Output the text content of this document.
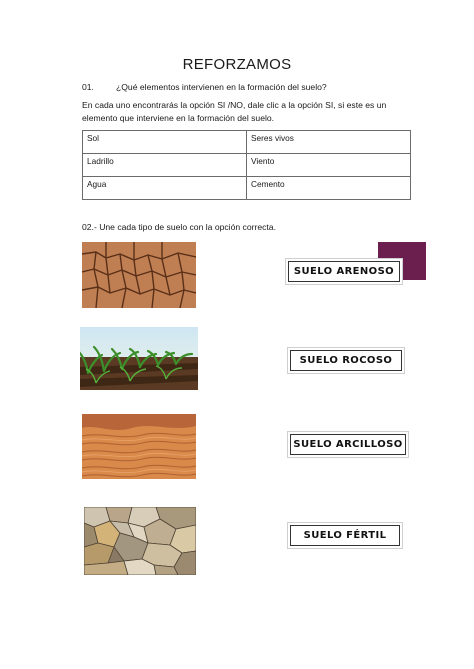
REFORZAMOS
01.	¿Qué elementos intervienen en la formación del suelo?
En cada uno encontrarás la opción SI /NO, dale clic a la opción SI, si este es un elemento que interviene en la formación del suelo.
Sol	Seres vivos
Ladrillo	Viento
Agua	Cemento
02.- Une cada tipo de suelo con la opción correcta.
SUELO ARENOSO
SUELO ROCOSO
SUELO ARCILLOSO
SUELO FÉRTIL
